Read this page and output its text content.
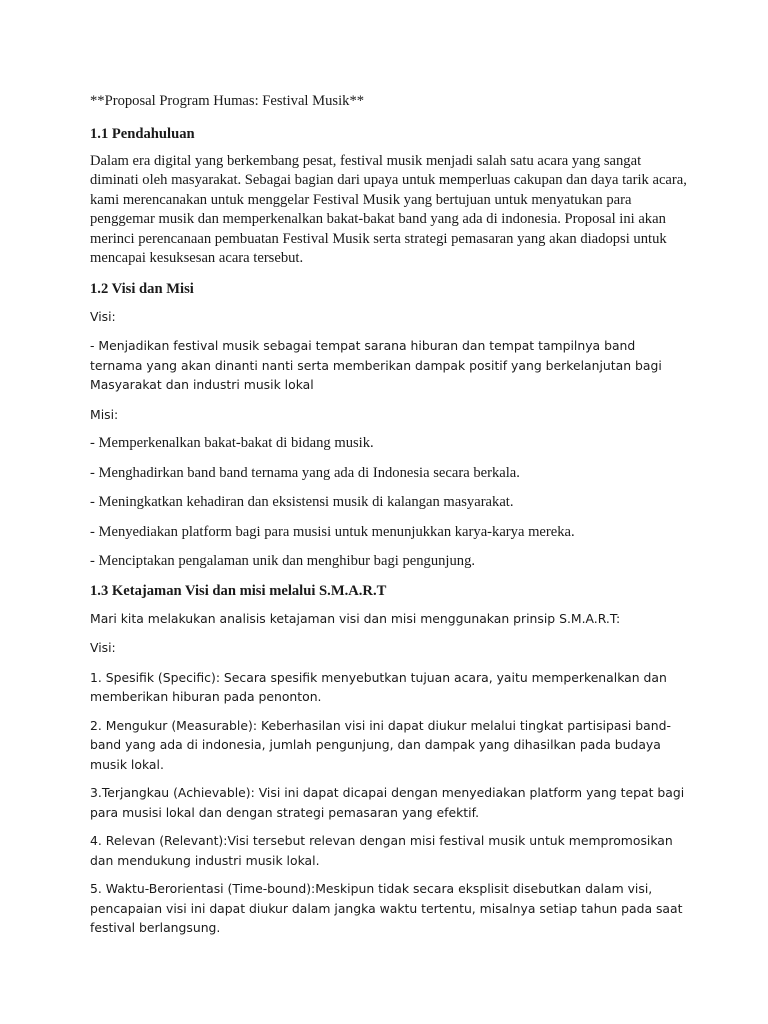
**Proposal Program Humas: Festival Musik**

1.1 Pendahuluan

Dalam era digital yang berkembang pesat, festival musik menjadi salah satu acara yang sangat diminati oleh masyarakat. Sebagai bagian dari upaya untuk memperluas cakupan dan daya tarik acara, kami merencanakan untuk menggelar Festival Musik yang bertujuan untuk menyatukan para penggemar musik dan memperkenalkan bakat-bakat band yang ada di indonesia. Proposal ini akan merinci perencanaan pembuatan Festival Musik serta strategi pemasaran yang akan diadopsi untuk mencapai kesuksesan acara tersebut.

1.2 Visi dan Misi

Visi:

- Menjadikan festival musik sebagai tempat sarana hiburan dan tempat tampilnya band ternama yang akan dinanti nanti serta memberikan dampak positif yang berkelanjutan bagi Masyarakat dan industri musik lokal

Misi:

- Memperkenalkan bakat-bakat di bidang musik.

- Menghadirkan band band ternama yang ada di Indonesia secara berkala.

- Meningkatkan kehadiran dan eksistensi musik di kalangan masyarakat.

- Menyediakan platform bagi para musisi untuk menunjukkan karya-karya mereka.

- Menciptakan pengalaman unik dan menghibur bagi pengunjung.

1.3 Ketajaman Visi dan misi melalui S.M.A.R.T

Mari kita melakukan analisis ketajaman visi dan misi menggunakan prinsip S.M.A.R.T:

Visi:

1. Spesifik (Specific): Secara spesifik menyebutkan tujuan acara, yaitu memperkenalkan dan memberikan hiburan pada penonton.

2. Mengukur (Measurable): Keberhasilan visi ini dapat diukur melalui tingkat partisipasi band-band yang ada di indonesia, jumlah pengunjung, dan dampak yang dihasilkan pada budaya musik lokal.

3.Terjangkau (Achievable): Visi ini dapat dicapai dengan menyediakan platform yang tepat bagi para musisi lokal dan dengan strategi pemasaran yang efektif.

4. Relevan (Relevant):Visi tersebut relevan dengan misi festival musik untuk mempromosikan dan mendukung industri musik lokal.

5. Waktu-Berorientasi (Time-bound):Meskipun tidak secara eksplisit disebutkan dalam visi, pencapaian visi ini dapat diukur dalam jangka waktu tertentu, misalnya setiap tahun pada saat festival berlangsung.
